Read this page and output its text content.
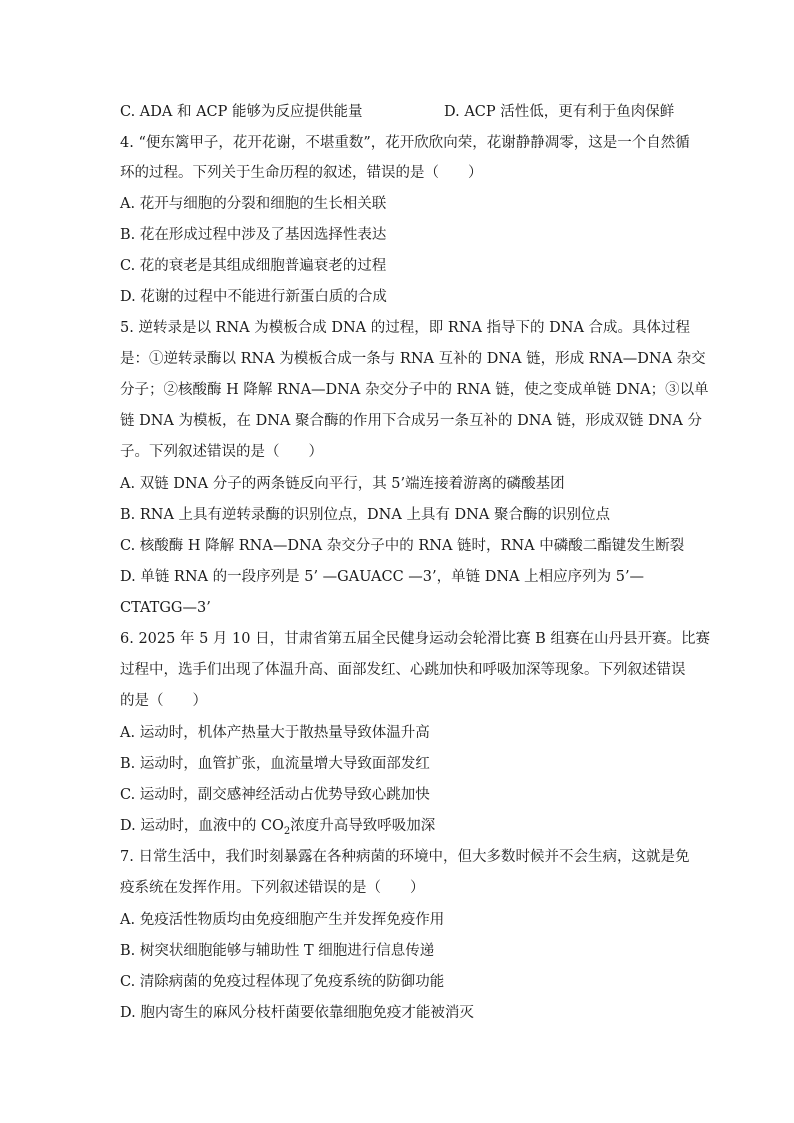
C. ADA 和 ACP 能够为反应提供能量	D. ACP 活性低，更有利于鱼肉保鲜
4. “便东篱甲子，花开花谢，不堪重数”，花开欣欣向荣，花谢静静凋零，这是一个自然循
环的过程。下列关于生命历程的叙述，错误的是（　　）
A. 花开与细胞的分裂和细胞的生长相关联
B. 花在形成过程中涉及了基因选择性表达
C. 花的衰老是其组成细胞普遍衰老的过程
D. 花谢的过程中不能进行新蛋白质的合成
5. 逆转录是以 RNA 为模板合成 DNA 的过程，即 RNA 指导下的 DNA 合成。具体过程
是：①逆转录酶以 RNA 为模板合成一条与 RNA 互补的 DNA 链，形成 RNA—DNA 杂交
分子；②核酸酶 H 降解 RNA—DNA 杂交分子中的 RNA 链，使之变成单链 DNA；③以单
链 DNA 为模板，在 DNA 聚合酶的作用下合成另一条互补的 DNA 链，形成双链 DNA 分
子。下列叙述错误的是（　　）
A. 双链 DNA 分子的两条链反向平行，其 5’端连接着游离的磷酸基团
B. RNA 上具有逆转录酶的识别位点，DNA 上具有 DNA 聚合酶的识别位点
C. 核酸酶 H 降解 RNA—DNA 杂交分子中的 RNA 链时，RNA 中磷酸二酯键发生断裂
D. 单链 RNA 的一段序列是 5’ —GAUACC —3’，单链 DNA 上相应序列为 5’—
CTATGG—3’
6. 2025 年 5 月 10 日，甘肃省第五届全民健身运动会轮滑比赛 B 组赛在山丹县开赛。比赛
过程中，选手们出现了体温升高、面部发红、心跳加快和呼吸加深等现象。下列叙述错误
的是（　　）
A. 运动时，机体产热量大于散热量导致体温升高
B. 运动时，血管扩张，血流量增大导致面部发红
C. 运动时，副交感神经活动占优势导致心跳加快
D. 运动时，血液中的 $CO_2$浓度升高导致呼吸加深
7. 日常生活中，我们时刻暴露在各种病菌的环境中，但大多数时候并不会生病，这就是免
疫系统在发挥作用。下列叙述错误的是（　　）
A. 免疫活性物质均由免疫细胞产生并发挥免疫作用
B. 树突状细胞能够与辅助性 T 细胞进行信息传递
C. 清除病菌的免疫过程体现了免疫系统的防御功能
D. 胞内寄生的麻风分枝杆菌要依靠细胞免疫才能被消灭
